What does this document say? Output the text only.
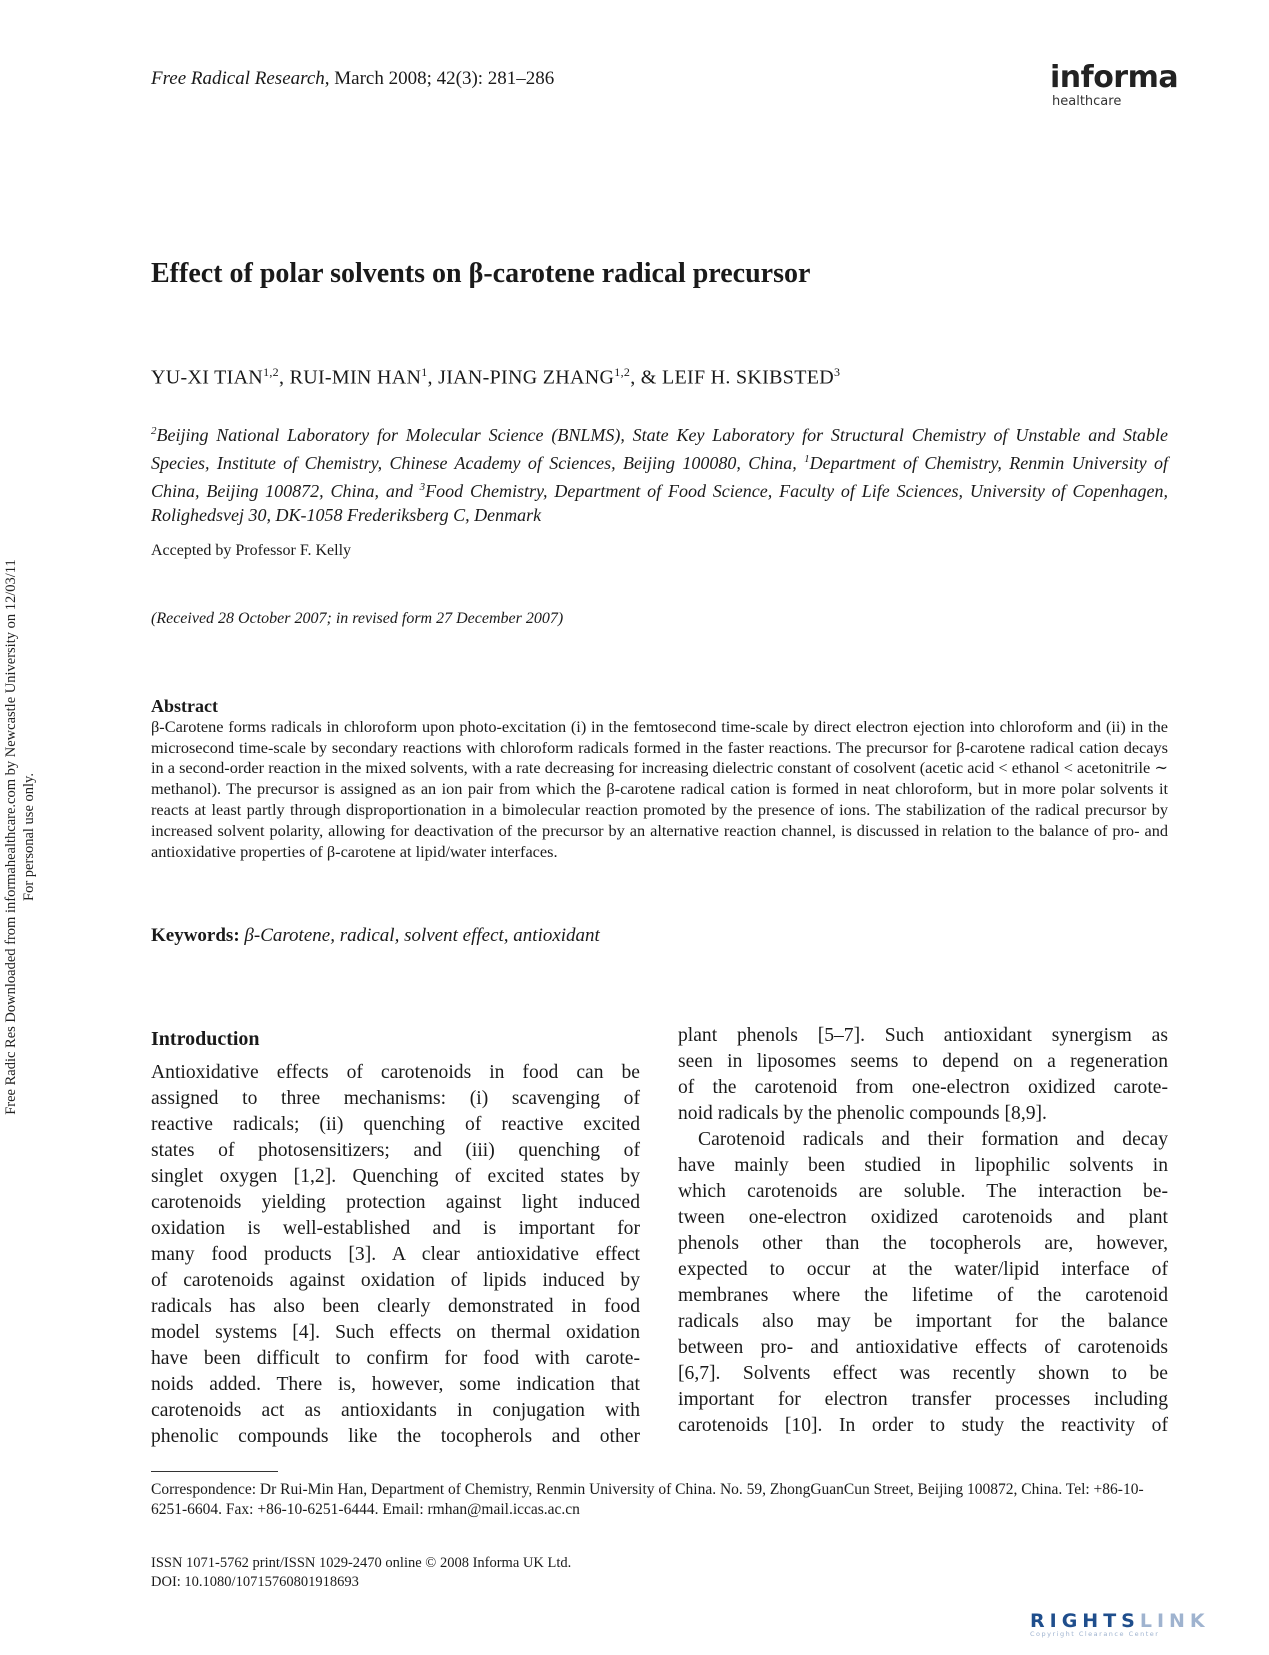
Free Radical Research, March 2008; 42(3): 281–286	informa
healthcare
Effect of polar solvents on β-carotene radical precursor
YU-XI TIAN$^{1,2}$, RUI-MIN HAN$^1$, JIAN-PING ZHANG$^{1,2}$, & LEIF H. SKIBSTED$^3$
$^2$Beijing National Laboratory for Molecular Science (BNLMS), State Key Laboratory for Structural Chemistry of Unstable and Stable Species, Institute of Chemistry, Chinese Academy of Sciences, Beijing 100080, China, $^1$Department of Chemistry, Renmin University of China, Beijing 100872, China, and $^3$Food Chemistry, Department of Food Science, Faculty of Life Sciences, University of Copenhagen, Rolighedsvej 30, DK-1058 Frederiksberg C, Denmark
Accepted by Professor F. Kelly
(Received 28 October 2007; in revised form 27 December 2007)
Abstract
β-Carotene forms radicals in chloroform upon photo-excitation (i) in the femtosecond time-scale by direct electron ejection into chloroform and (ii) in the microsecond time-scale by secondary reactions with chloroform radicals formed in the faster reactions. The precursor for β-carotene radical cation decays in a second-order reaction in the mixed solvents, with a rate decreasing for increasing dielectric constant of cosolvent (acetic acid < ethanol < acetonitrile ∼ methanol). The precursor is assigned as an ion pair from which the β-carotene radical cation is formed in neat chloroform, but in more polar solvents it reacts at least partly through disproportionation in a bimolecular reaction promoted by the presence of ions. The stabilization of the radical precursor by increased solvent polarity, allowing for deactivation of the precursor by an alternative reaction channel, is discussed in relation to the balance of pro- and antioxidative properties of β-carotene at lipid/water interfaces.
Keywords: β-Carotene, radical, solvent effect, antioxidant
Introduction
Antioxidative effects of carotenoids in food can be
assigned to three mechanisms: (i) scavenging of
reactive radicals; (ii) quenching of reactive excited
states of photosensitizers; and (iii) quenching of
singlet oxygen [1,2]. Quenching of excited states by
carotenoids yielding protection against light induced
oxidation is well-established and is important for
many food products [3]. A clear antioxidative effect
of carotenoids against oxidation of lipids induced by
radicals has also been clearly demonstrated in food
model systems [4]. Such effects on thermal oxidation
have been difficult to confirm for food with carote-
noids added. There is, however, some indication that
carotenoids act as antioxidants in conjugation with
phenolic compounds like the tocopherols and other
plant phenols [5–7]. Such antioxidant synergism as
seen in liposomes seems to depend on a regeneration
of the carotenoid from one-electron oxidized carote-
noid radicals by the phenolic compounds [8,9].
Carotenoid radicals and their formation and decay
have mainly been studied in lipophilic solvents in
which carotenoids are soluble. The interaction be-
tween one-electron oxidized carotenoids and plant
phenols other than the tocopherols are, however,
expected to occur at the water/lipid interface of
membranes where the lifetime of the carotenoid
radicals also may be important for the balance
between pro- and antioxidative effects of carotenoids
[6,7]. Solvents effect was recently shown to be
important for electron transfer processes including
carotenoids [10]. In order to study the reactivity of
Correspondence: Dr Rui-Min Han, Department of Chemistry, Renmin University of China. No. 59, ZhongGuanCun Street, Beijing 100872, China. Tel: +86-10-6251-6604. Fax: +86-10-6251-6444. Email: rmhan@mail.iccas.ac.cn
ISSN 1071-5762 print/ISSN 1029-2470 online © 2008 Informa UK Ltd.
DOI: 10.1080/10715760801918693
Free Radic Res Downloaded from informahealthcare.com by Newcastle University on 12/03/11 For personal use only.
RIGHTSLINK
Copyright Clearance Center
